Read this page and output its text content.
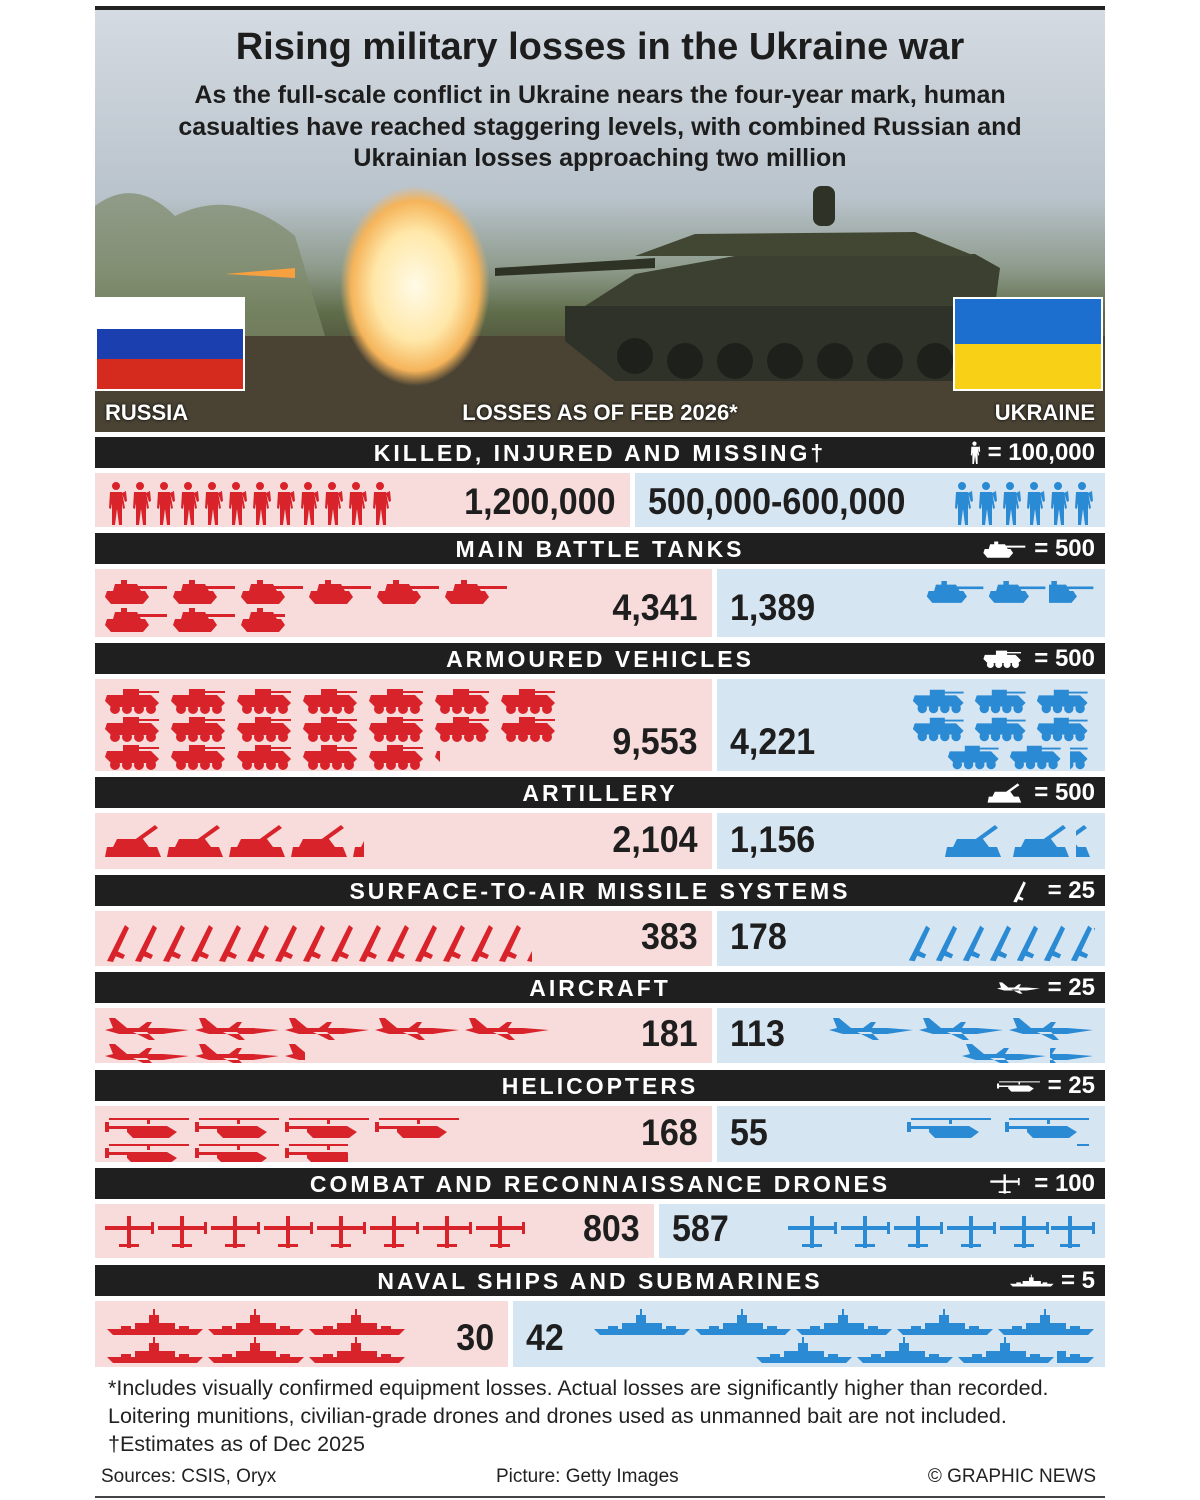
Rising military losses in the Ukraine war
As the full-scale conflict in Ukraine nears the four-year mark, human casualties have reached staggering levels, with combined Russian and Ukrainian losses approaching two million
RUSSIA	LOSSES AS OF FEB 2026*	UKRAINE
KILLED, INJURED AND MISSING†	= 100,000
1,200,000 500,000-600,000
MAIN BATTLE TANKS	= 500
4,341 1,389
ARMOURED VEHICLES	= 500
9,553 4,221
ARTILLERY	= 500
2,104 1,156
SURFACE-TO-AIR MISSILE SYSTEMS	= 25
383 178
AIRCRAFT	= 25
181 113
HELICOPTERS	= 25
168 55
COMBAT AND RECONNAISSANCE DRONES	= 100
803 587
NAVAL SHIPS AND SUBMARINES	= 5
30 42
*Includes visually confirmed equipment losses. Actual losses are significantly higher than recorded. Loitering munitions, civilian-grade drones and drones used as unmanned bait are not included. †Estimates as of Dec 2025
Sources: CSIS, Oryx	Picture: Getty Images	© GRAPHIC NEWS
